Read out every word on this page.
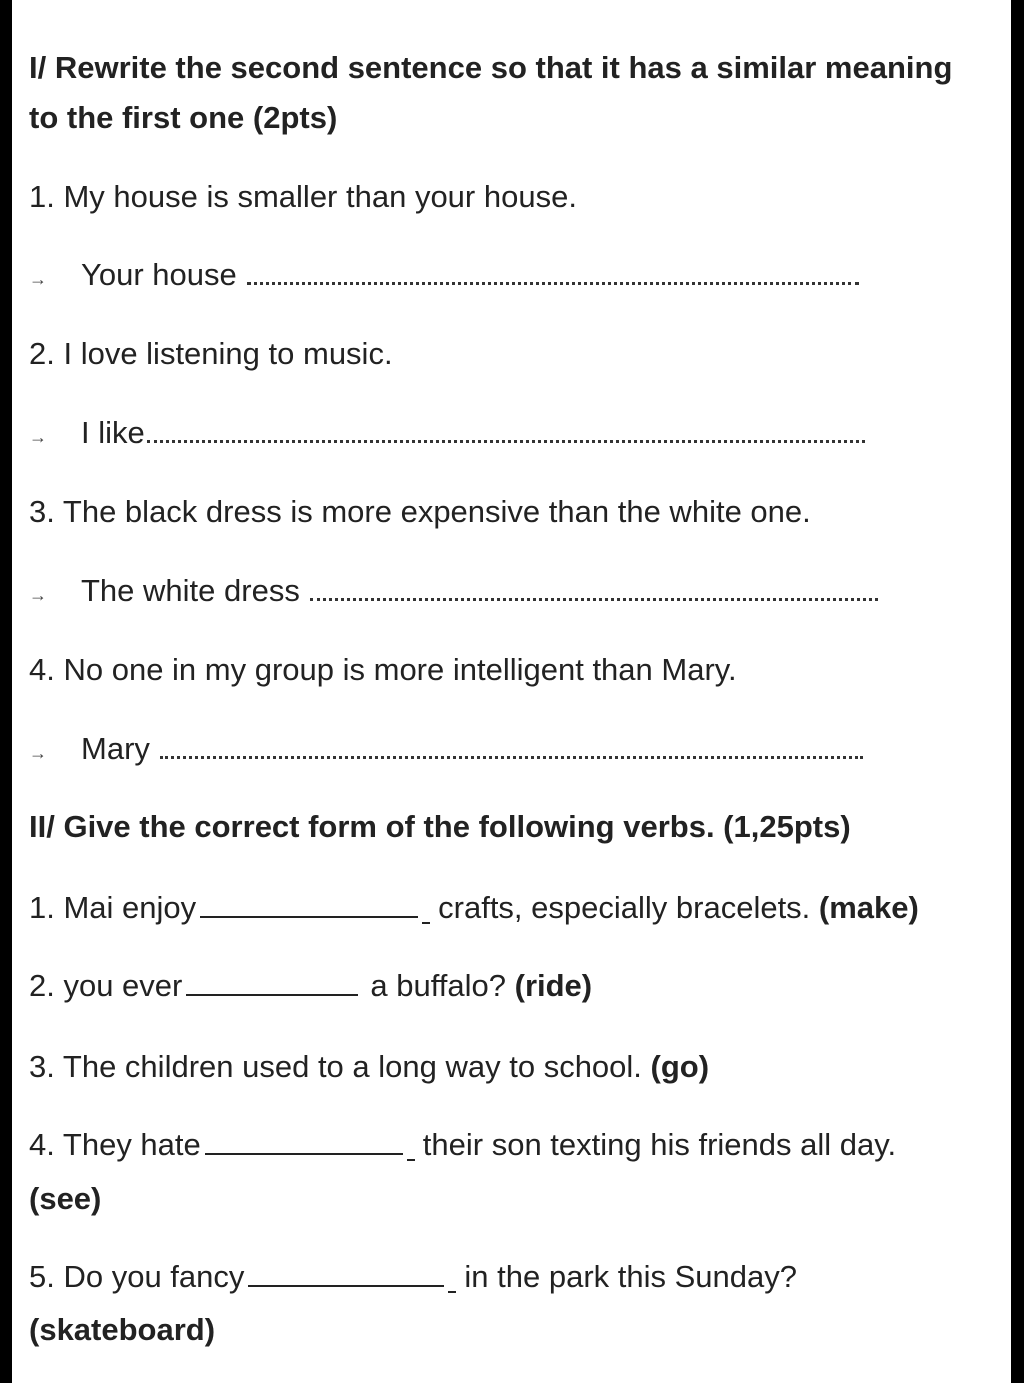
I/ Rewrite the second sentence so that it has a similar meaning
to the first one (2pts)
1. My house is smaller than your house.
→ Your house
2. I love listening to music.
→ I like
3. The black dress is more expensive than the white one.
→ The white dress
4. No one in my group is more intelligent than Mary.
→ Mary
II/ Give the correct form of the following verbs. (1,25pts)
1. Mai enjoy	crafts, especially bracelets. (make)
2. you ever	a buffalo? (ride)
3. The children used to a long way to school. (go)
4. They hate	their son texting his friends all day.
(see)
5. Do you fancy	in the park this Sunday?
(skateboard)
